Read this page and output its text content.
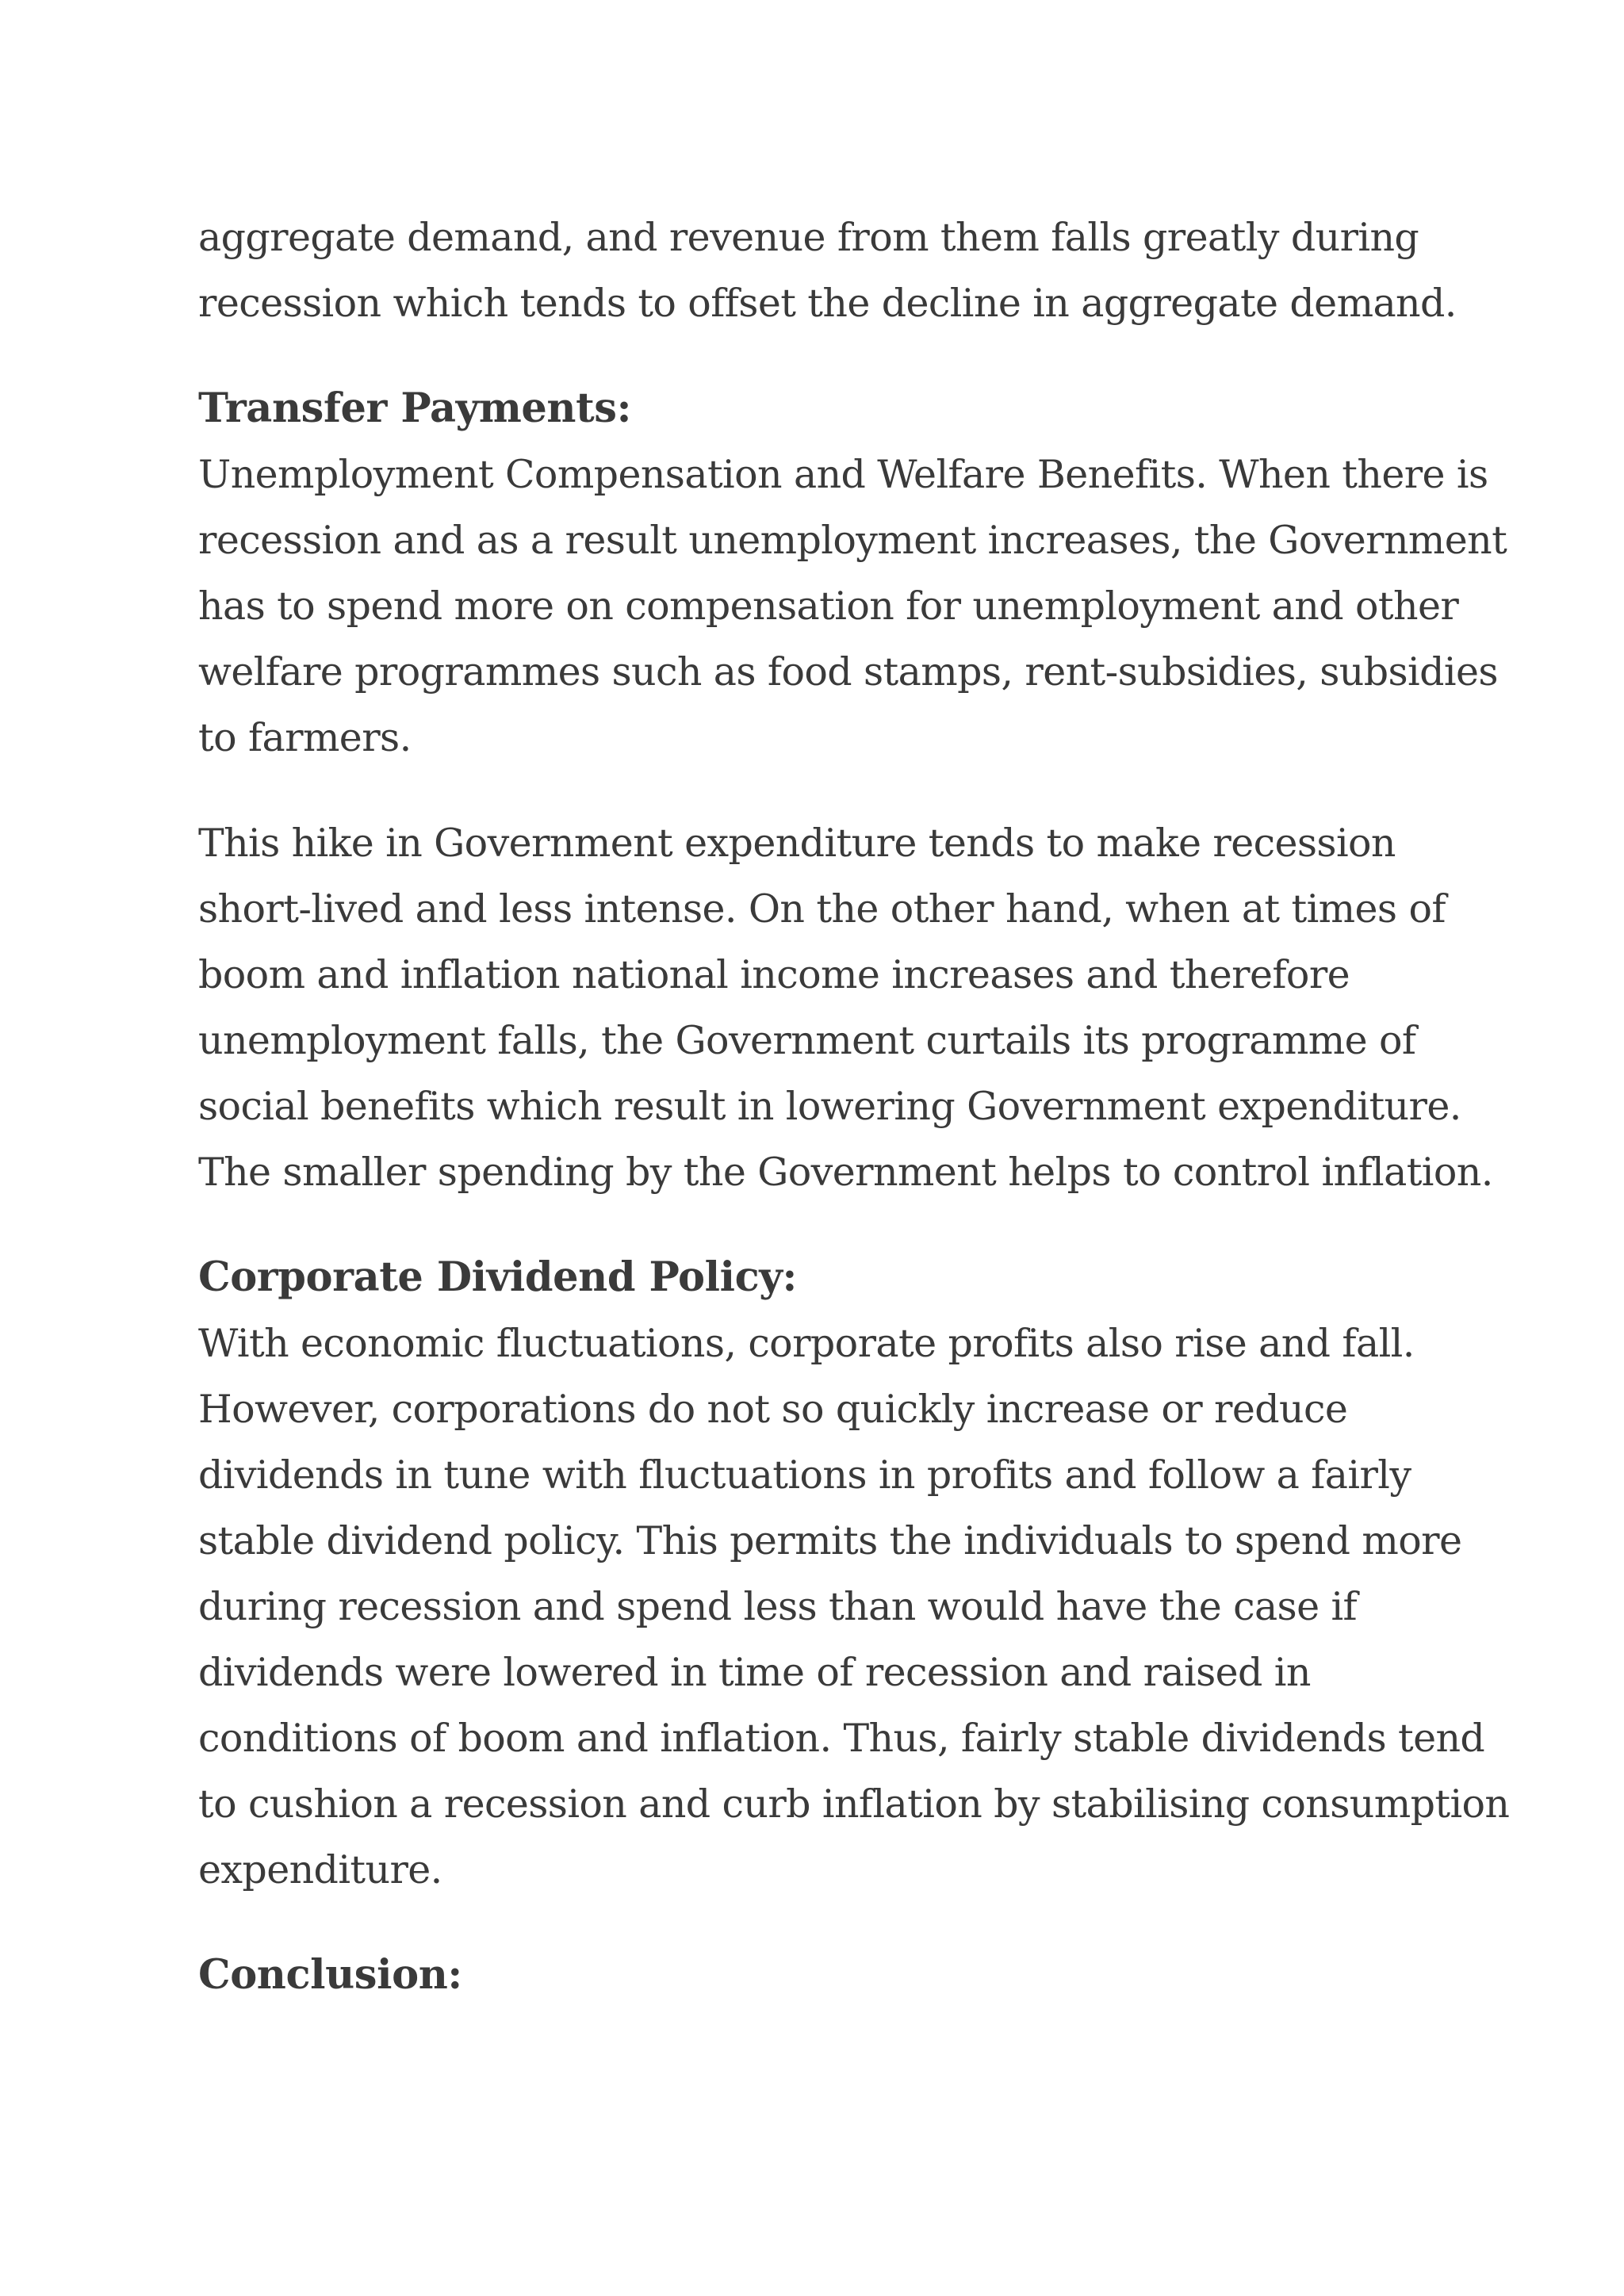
aggregate demand, and revenue from them falls greatly during
recession which tends to offset the decline in aggregate demand.
Transfer Payments:
Unemployment Compensation and Welfare Benefits. When there is
recession and as a result unemployment increases, the Government
has to spend more on compensation for unemployment and other
welfare programmes such as food stamps, rent-subsidies, subsidies
to farmers.
This hike in Government expenditure tends to make recession
short-lived and less intense. On the other hand, when at times of
boom and inflation national income increases and therefore
unemployment falls, the Government curtails its programme of
social benefits which result in lowering Government expenditure.
The smaller spending by the Government helps to control inflation.
Corporate Dividend Policy:
With economic fluctuations, corporate profits also rise and fall.
However, corporations do not so quickly increase or reduce
dividends in tune with fluctuations in profits and follow a fairly
stable dividend policy. This permits the individuals to spend more
during recession and spend less than would have the case if
dividends were lowered in time of recession and raised in
conditions of boom and inflation. Thus, fairly stable dividends tend
to cushion a recession and curb inflation by stabilising consumption
expenditure.
Conclusion:
